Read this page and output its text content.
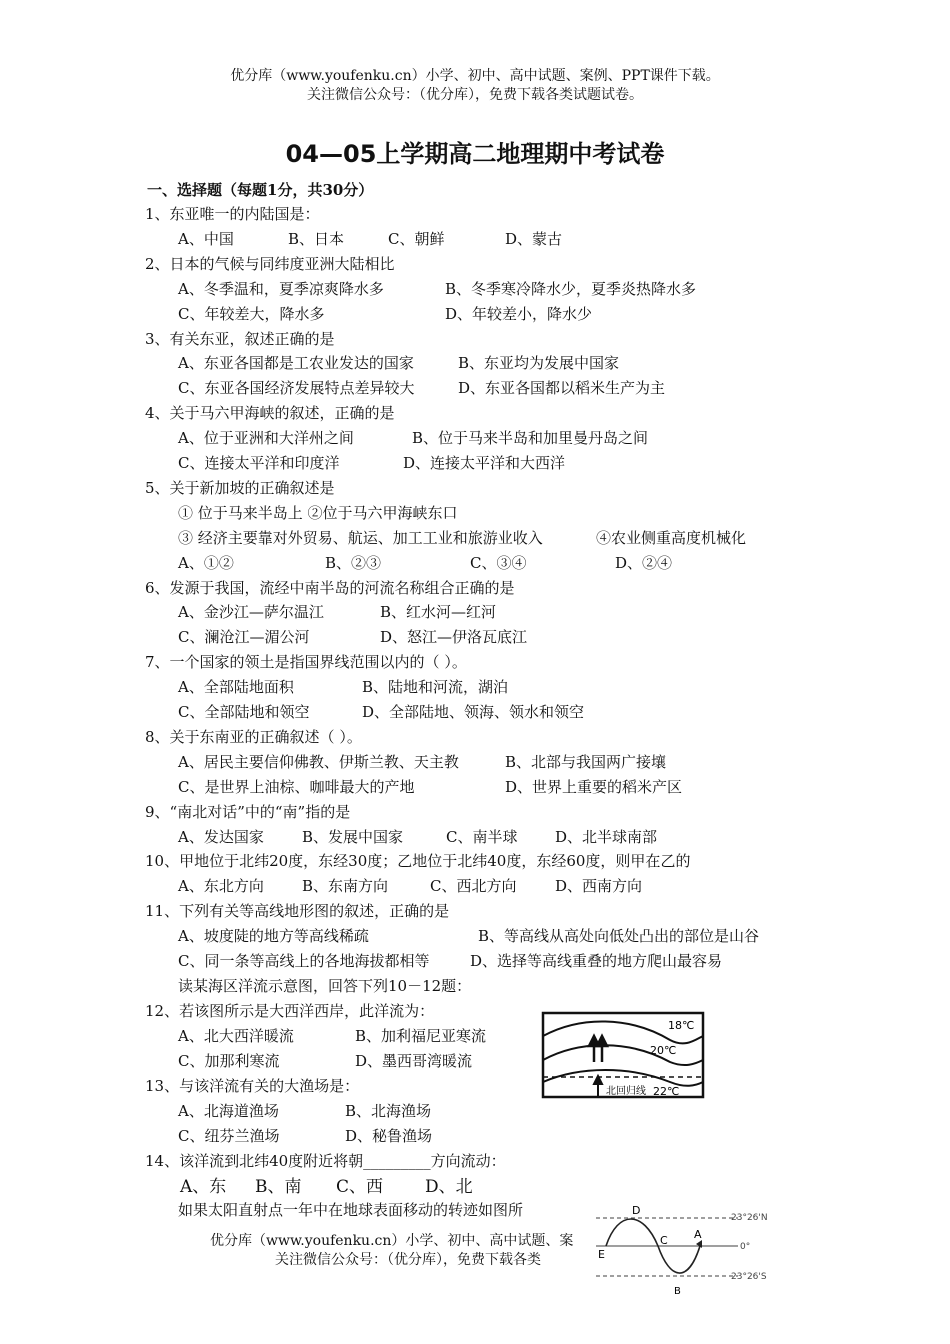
优分库（www.youfenku.cn）小学、初中、高中试题、案例、PPT课件下载。
关注微信公众号：（优分库），免费下载各类试题试卷。
04—05上学期高二地理期中考试卷
一、选择题（每题1分，共30分）
1、东亚唯一的内陆国是：
A、中国	B、日本	C、朝鲜	D、蒙古
2、日本的气候与同纬度亚洲大陆相比
A、冬季温和，夏季凉爽降水多	B、冬季寒冷降水少，夏季炎热降水多
C、年较差大，降水多	D、年较差小，降水少
3、有关东亚，叙述正确的是
A、东亚各国都是工农业发达的国家	B、东亚均为发展中国家
C、东亚各国经济发展特点差异较大	D、东亚各国都以稻米生产为主
4、关于马六甲海峡的叙述，正确的是
A、位于亚洲和大洋州之间	B、位于马来半岛和加里曼丹岛之间
C、连接太平洋和印度洋	D、连接太平洋和大西洋
5、关于新加坡的正确叙述是
① 位于马来半岛上 ②位于马六甲海峡东口
③ 经济主要靠对外贸易、航运、加工工业和旅游业收入	④农业侧重高度机械化
A、①②	B、②③	C、③④	D、②④
6、发源于我国，流经中南半岛的河流名称组合正确的是
A、金沙江—萨尔温江	B、红水河—红河
C、澜沧江—湄公河	D、怒江—伊洛瓦底江
7、一个国家的领土是指国界线范围以内的（ ）。
A、全部陆地面积	B、陆地和河流，湖泊
C、全部陆地和领空	D、全部陆地、领海、领水和领空
8、关于东南亚的正确叙述（ ）。
A、居民主要信仰佛教、伊斯兰教、天主教	B、北部与我国两广接壤
C、是世界上油棕、咖啡最大的产地	D、世界上重要的稻米产区
9、“南北对话”中的“南”指的是
A、发达国家	B、发展中国家	C、南半球	D、北半球南部
10、甲地位于北纬20度，东经30度；乙地位于北纬40度，东经60度，则甲在乙的
A、东北方向	B、东南方向	C、西北方向	D、西南方向
11、下列有关等高线地形图的叙述，正确的是
A、坡度陡的地方等高线稀疏	B、等高线从高处向低处凸出的部位是山谷
C、同一条等高线上的各地海拔都相等	D、选择等高线重叠的地方爬山最容易
读某海区洋流示意图，回答下列10－12题：
12、若该图所示是大西洋西岸，此洋流为：
A、北大西洋暖流	B、加利福尼亚寒流
C、加那利寒流	D、墨西哥湾暖流
13、与该洋流有关的大渔场是：
A、北海道渔场	B、北海渔场
C、纽芬兰渔场	D、秘鲁渔场
14、该洋流到北纬40度附近将朝_________方向流动：
A、东 B、南 C、西 D、北
如果太阳直射点一年中在地球表面移动的转迹如图所
18℃
20℃
22℃
北回归线
优分库（www.youfenku.cn）小学、初中、高中试题、案
关注微信公众号：（优分库），免费下载各类
D
E
C A
B
23°26'N
0°
23°26'S
